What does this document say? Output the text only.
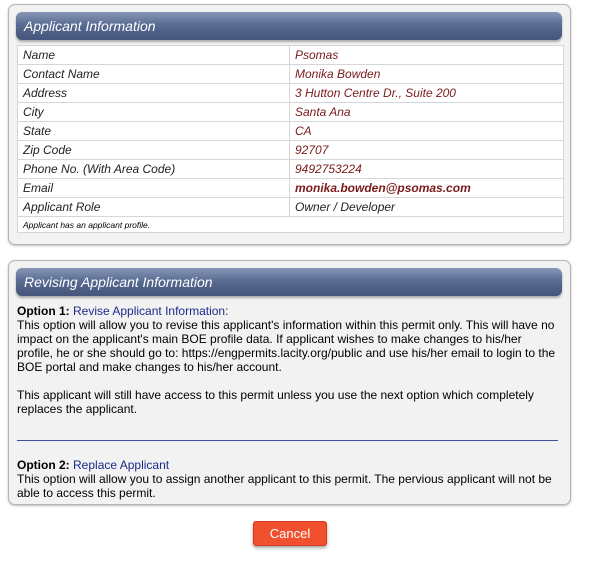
Applicant Information
Name	Psomas
Contact Name	Monika Bowden
Address	3 Hutton Centre Dr., Suite 200
City	Santa Ana
State	CA
Zip Code	92707
Phone No. (With Area Code)	9492753224
Email	monika.bowden@psomas.com
Applicant Role	Owner / Developer
Applicant has an applicant profile.	
Revising Applicant Information

Option 1: Revise Applicant Information:

This option will allow you to revise this applicant's information within this permit only. This will have no impact on the applicant's main BOE profile data. If applicant wishes to make changes to his/her profile, he or she should go to: https://engpermits.lacity.org/public and use his/her email to login to the BOE portal and make changes to his/her account.

This applicant will still have access to this permit unless you use the next option which completely replaces the applicant.

Option 2: Replace Applicant

This option will allow you to assign another applicant to this permit. The pervious applicant will not be able to access this permit.

Cancel
